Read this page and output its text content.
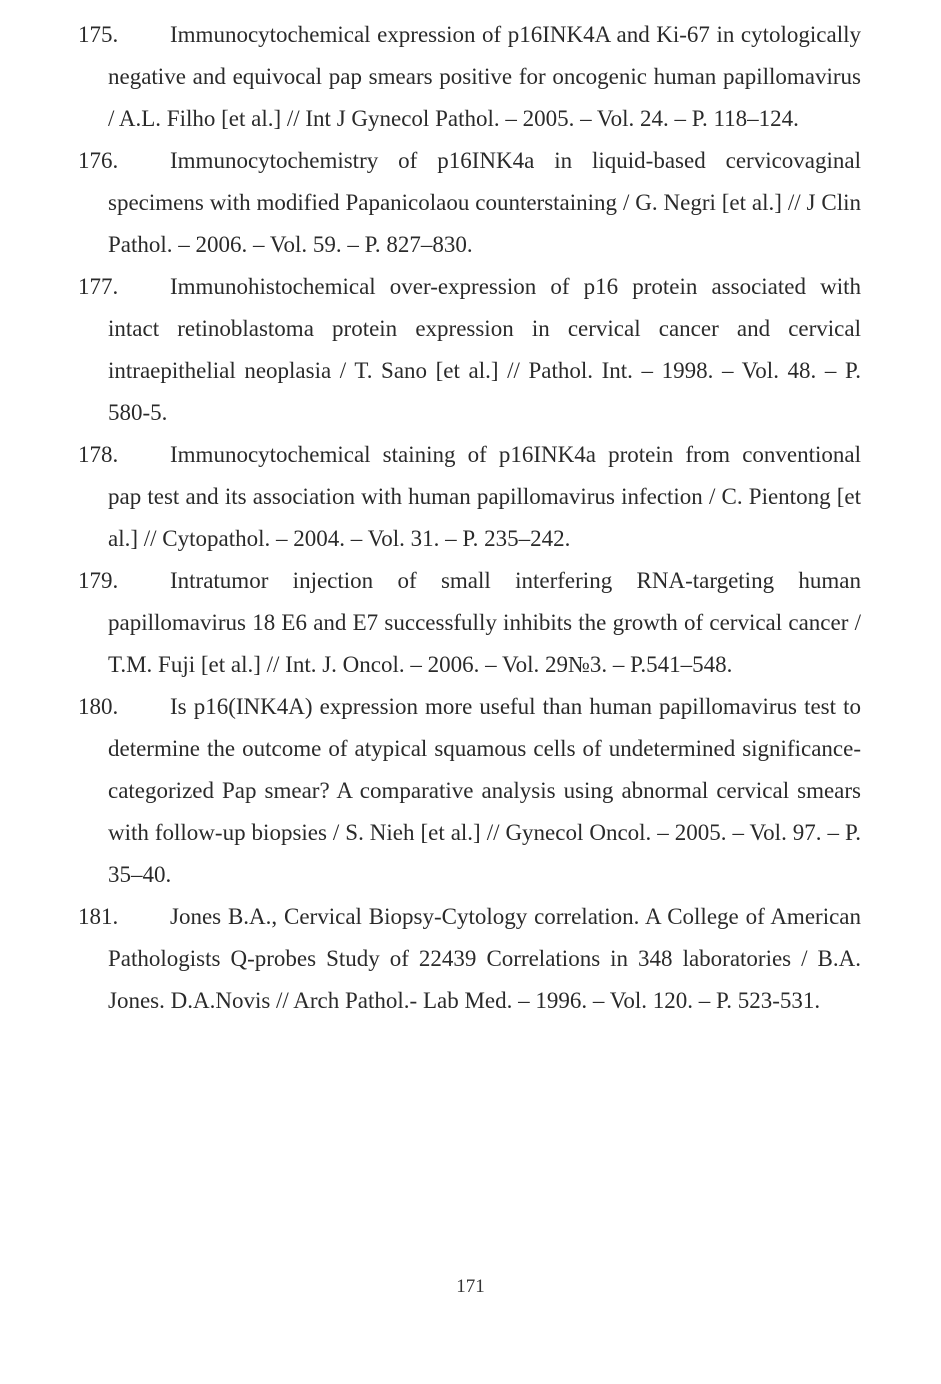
175.	Immunocytochemical expression of p16INK4A and Ki-67 in cytologically negative and equivocal pap smears positive for oncogenic human papillomavirus / A.L. Filho [et al.] // Int J Gynecol Pathol. – 2005. – Vol. 24. – P. 118–124.
176.	Immunocytochemistry of p16INK4a in liquid-based cervicovaginal specimens with modified Papanicolaou counterstaining / G. Negri [et al.] // J Clin Pathol. – 2006. – Vol. 59. – P. 827–830.
177.	Immunohistochemical over-expression of p16 protein associated with intact retinoblastoma protein expression in cervical cancer and cervical intraepithelial neoplasia / T. Sano [et al.] // Pathol. Int. – 1998. – Vol. 48. – P. 580-5.
178.	Immunocytochemical staining of p16INK4a protein from conventional pap test and its association with human papillomavirus infection / C. Pientong [et al.] // Cytopathol. – 2004. – Vol. 31. – P. 235–242.
179.	Intratumor injection of small interfering RNA-targeting human papillomavirus 18 E6 and E7 successfully inhibits the growth of cervical cancer / T.M. Fuji [et al.] // Int. J. Oncol. – 2006. – Vol. 29№3. – P.541–548.
180.	Is p16(INK4A) expression more useful than human papillomavirus test to determine the outcome of atypical squamous cells of undetermined significance-categorized Pap smear? A comparative analysis using abnormal cervical smears with follow-up biopsies / S. Nieh [et al.] // Gynecol Oncol. – 2005. – Vol. 97. – P. 35–40.
181.	Jones B.A., Cervical Biopsy-Cytology correlation. A College of American Pathologists Q-probes Study of 22439 Correlations in 348 laboratories / B.A. Jones. D.A.Novis // Arch Pathol.- Lab Med. – 1996. – Vol. 120. – P. 523-531.
171
